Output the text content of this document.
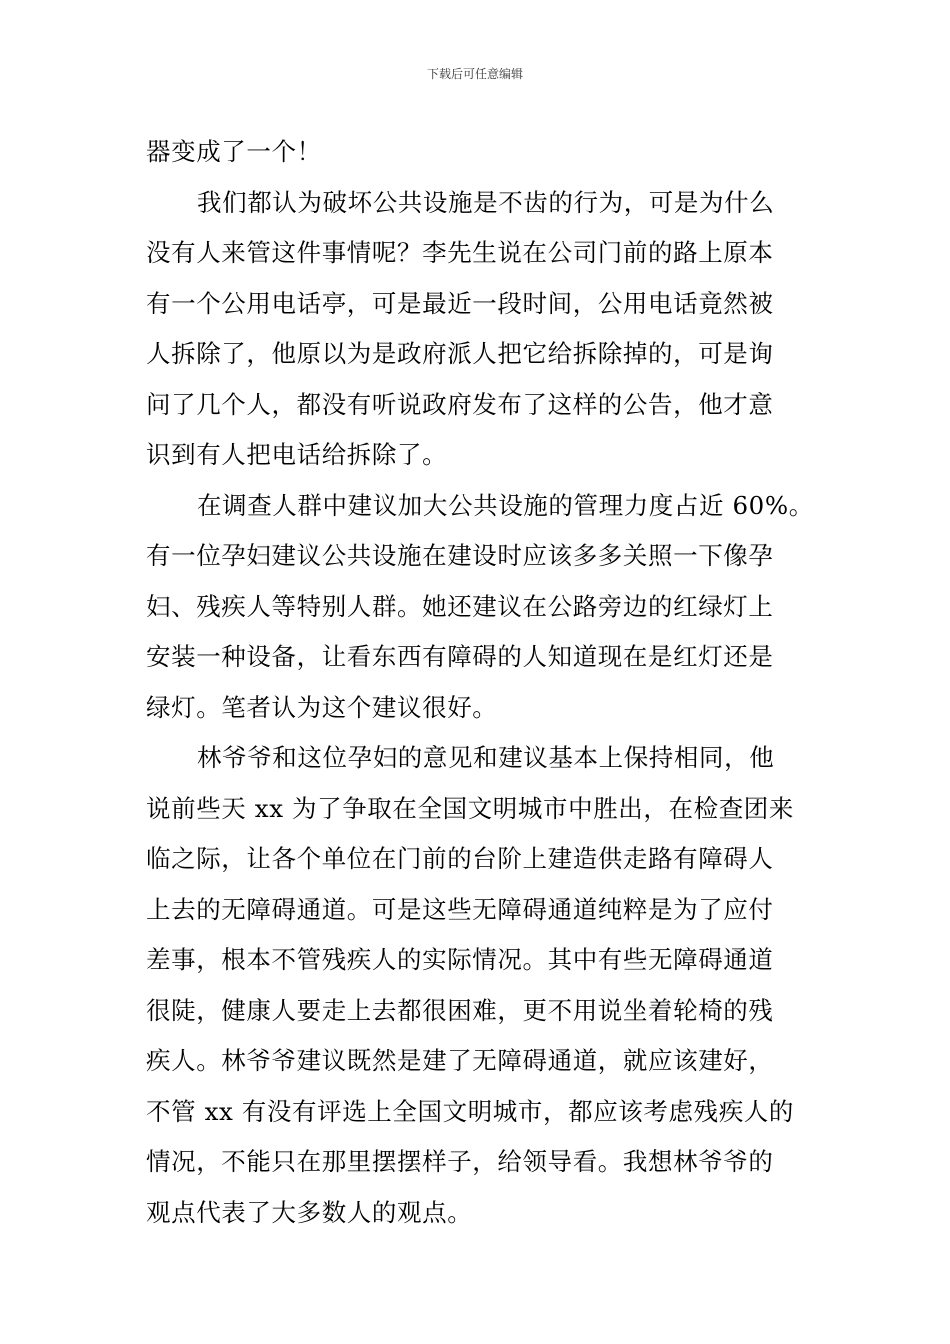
下载后可任意编辑
器变成了一个！
我们都认为破坏公共设施是不齿的行为，可是为什么
没有人来管这件事情呢？李先生说在公司门前的路上原本
有一个公用电话亭，可是最近一段时间，公用电话竟然被
人拆除了，他原以为是政府派人把它给拆除掉的，可是询
问了几个人，都没有听说政府发布了这样的公告，他才意
识到有人把电话给拆除了。
在调查人群中建议加大公共设施的管理力度占近 60%。
有一位孕妇建议公共设施在建设时应该多多关照一下像孕
妇、残疾人等特别人群。她还建议在公路旁边的红绿灯上
安装一种设备，让看东西有障碍的人知道现在是红灯还是
绿灯。笔者认为这个建议很好。
林爷爷和这位孕妇的意见和建议基本上保持相同，他
说前些天 xx 为了争取在全国文明城市中胜出，在检查团来
临之际，让各个单位在门前的台阶上建造供走路有障碍人
上去的无障碍通道。可是这些无障碍通道纯粹是为了应付
差事，根本不管残疾人的实际情况。其中有些无障碍通道
很陡，健康人要走上去都很困难，更不用说坐着轮椅的残
疾人。林爷爷建议既然是建了无障碍通道，就应该建好，
不管 xx 有没有评选上全国文明城市，都应该考虑残疾人的
情况，不能只在那里摆摆样子，给领导看。我想林爷爷的
观点代表了大多数人的观点。
